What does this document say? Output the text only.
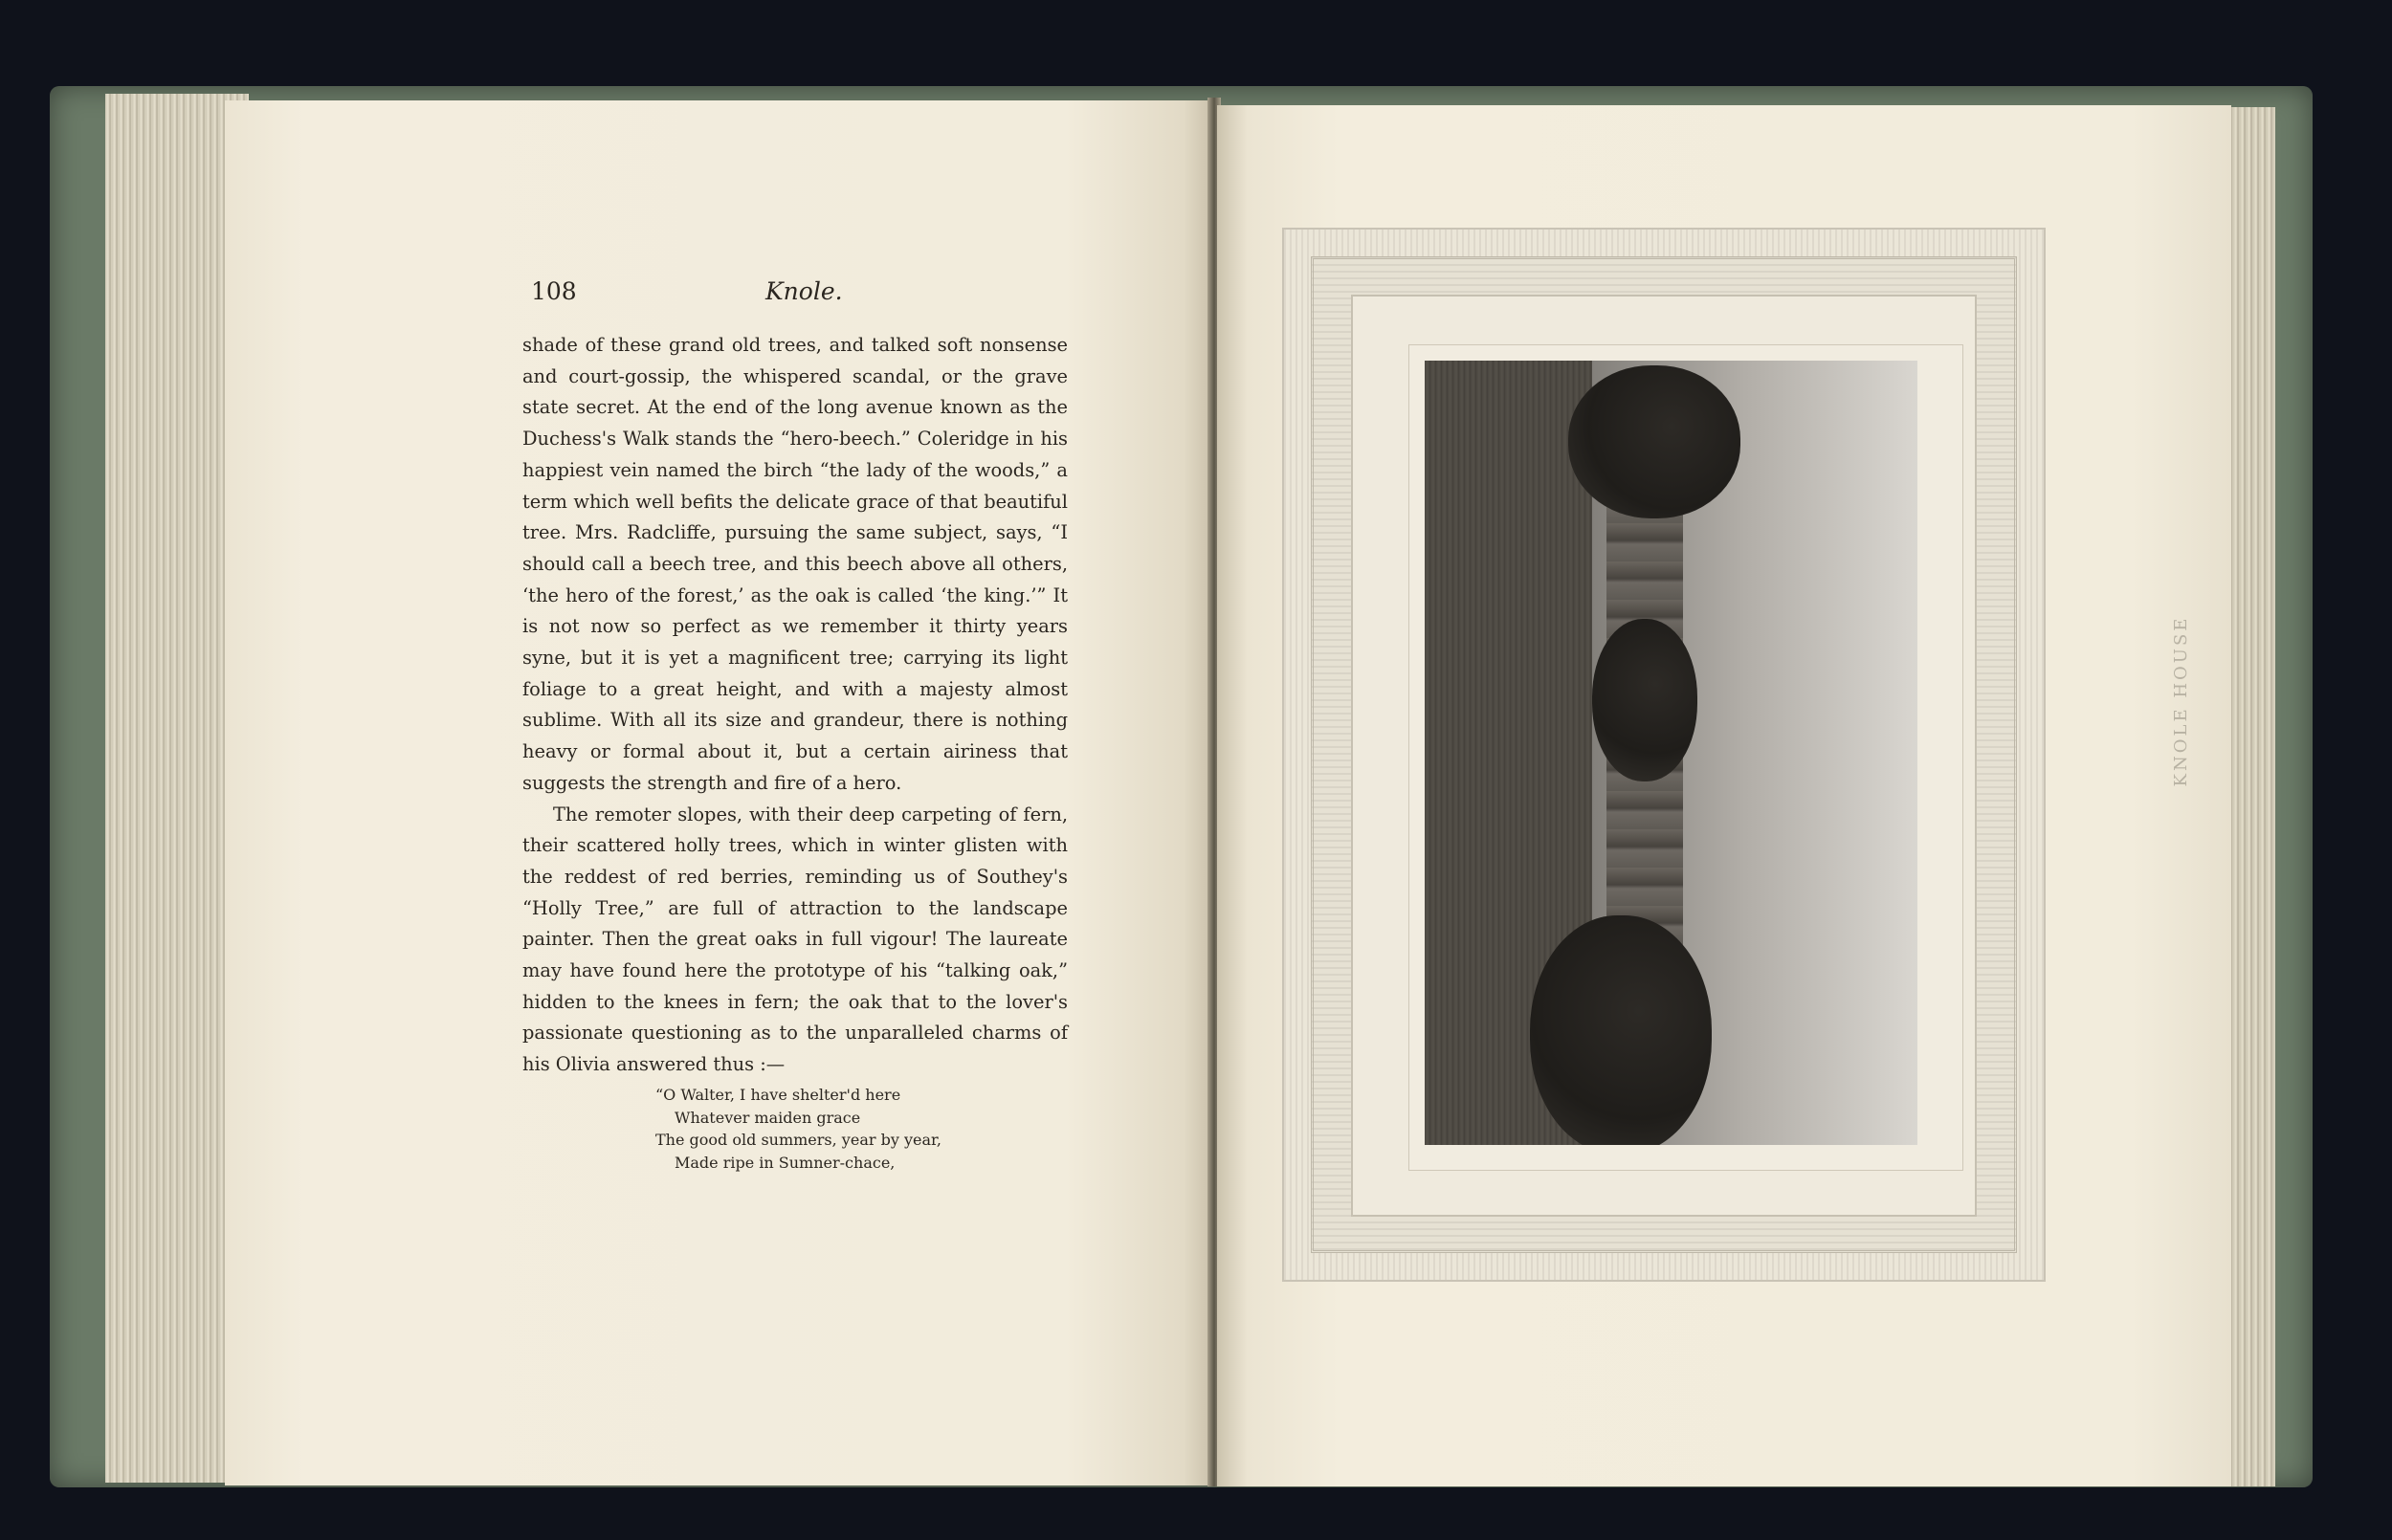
108	Knole.

shade of these grand old trees, and talked soft nonsense and court-gossip, the whispered scandal, or the grave state secret. At the end of the long avenue known as the Duchess's Walk stands the “hero-beech.” Coleridge in his happiest vein named the birch “the lady of the woods,” a term which well befits the delicate grace of that beautiful tree. Mrs. Radcliffe, pursuing the same subject, says, “I should call a beech tree, and this beech above all others, ‘the hero of the forest,’ as the oak is called ‘the king.’” It is not now so perfect as we remember it thirty years syne, but it is yet a magnificent tree; carrying its light foliage to a great height, and with a majesty almost sublime. With all its size and grandeur, there is nothing heavy or formal about it, but a certain airiness that suggests the strength and fire of a hero.

The remoter slopes, with their deep carpeting of fern, their scattered holly trees, which in winter glisten with the reddest of red berries, reminding us of Southey's “Holly Tree,” are full of attraction to the landscape painter. Then the great oaks in full vigour! The laureate may have found here the prototype of his “talking oak,” hidden to the knees in fern; the oak that to the lover's passionate questioning as to the unparalleled charms of his Olivia answered thus :—

“O Walter, I have shelter'd here
Whatever maiden grace
The good old summers, year by year,
Made ripe in Sumner-chace,
KNOLE HOUSE
